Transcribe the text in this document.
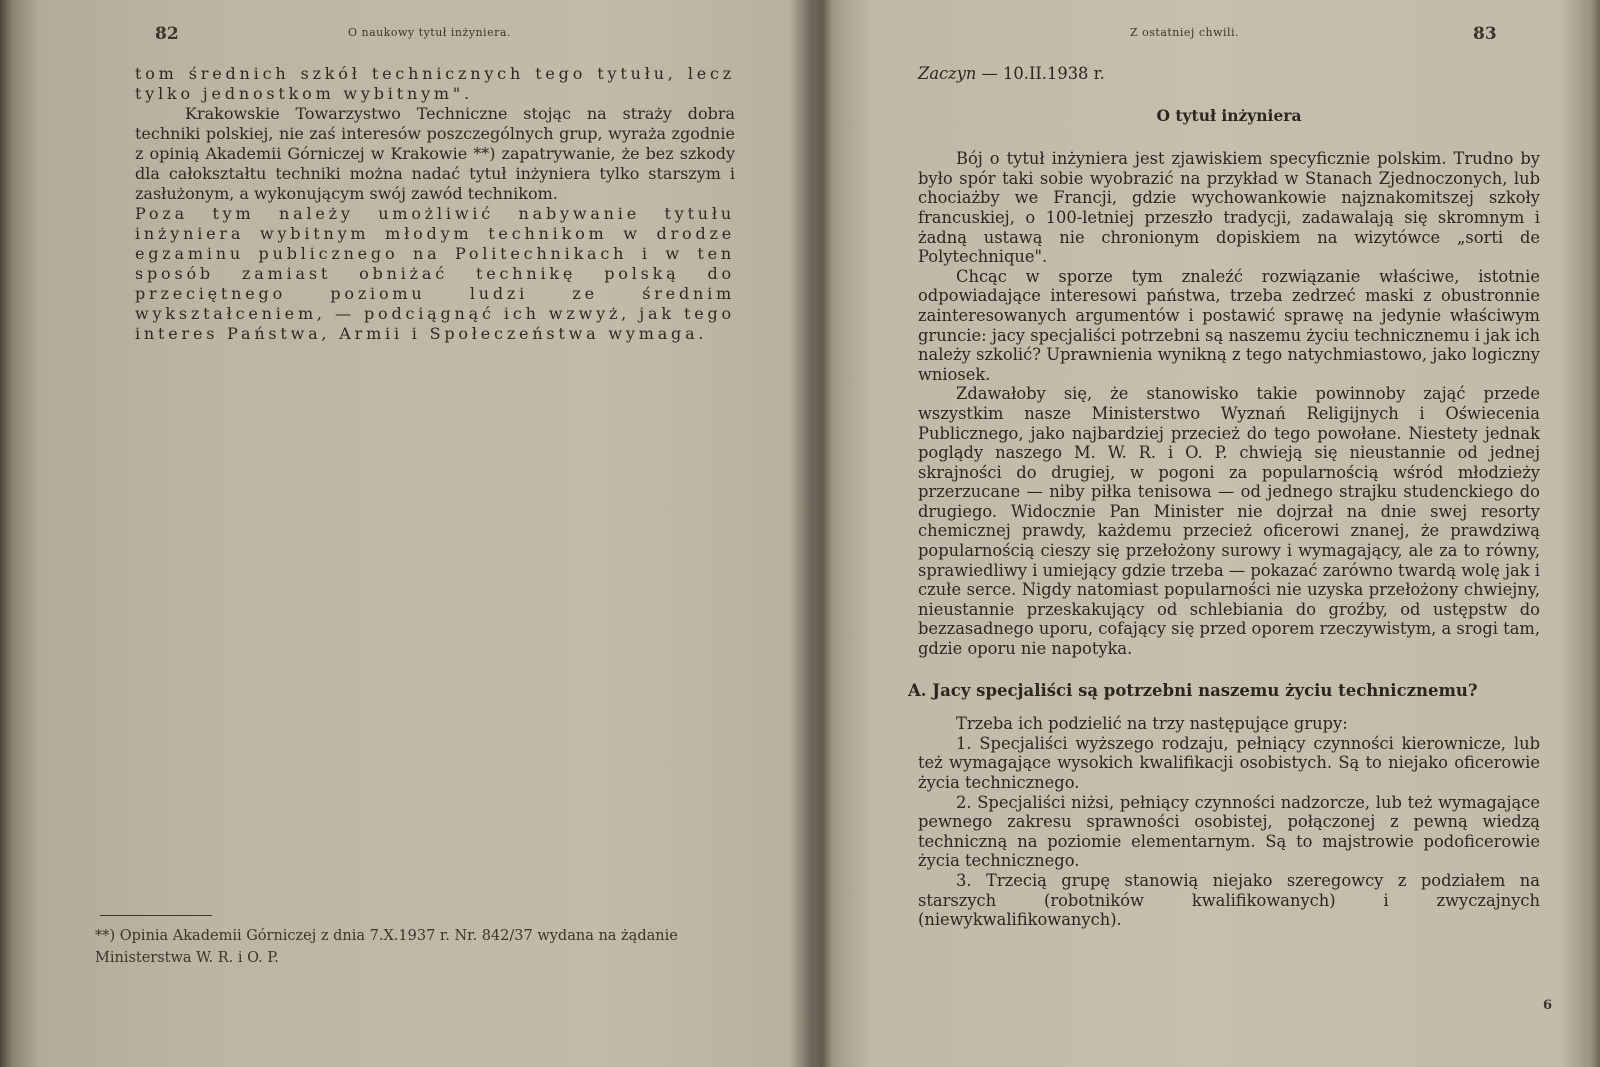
82	O naukowy tytuł inżyniera.

tom średnich szkół technicznych tego tytułu, lecz tylko jednostkom wybitnym".

Krakowskie Towarzystwo Techniczne stojąc na straży dobra techniki polskiej, nie zaś interesów poszczególnych grup, wyraża zgodnie z opinią Akademii Górniczej w Krakowie **) zapatrywanie, że bez szkody dla całokształtu techniki można nadać tytuł inżyniera tylko starszym i zasłużonym, a wykonującym swój zawód technikom.

Poza tym należy umożliwić nabywanie tytułu inżyniera wybitnym młodym technikom w drodze egzaminu publicznego na Politechnikach i w ten sposób zamiast obniżać technikę polską do przeciętnego poziomu ludzi ze średnim wykształceniem, — podciągnąć ich wzwyż, jak tego interes Państwa, Armii i Społeczeństwa wymaga.

**) Opinia Akademii Górniczej z dnia 7.X.1937 r. Nr. 842/37 wydana na żądanie Ministerstwa W. R. i O. P.

Z ostatniej chwili.	83

Zaczyn — 10.II.1938 r.

O tytuł inżyniera

Bój o tytuł inżyniera jest zjawiskiem specyficznie polskim. Trudno by było spór taki sobie wyobrazić na przykład w Stanach Zjednoczonych, lub chociażby we Francji, gdzie wychowankowie najznakomitszej szkoły francuskiej, o 100-letniej przeszło tradycji, zadawalają się skromnym i żadną ustawą nie chronionym dopiskiem na wizytówce „sorti de Polytechnique".

Chcąc w sporze tym znaleźć rozwiązanie właściwe, istotnie odpowiadające interesowi państwa, trzeba zedrzeć maski z obustronnie zainteresowanych argumentów i postawić sprawę na jedynie właściwym gruncie: jacy specjaliści potrzebni są naszemu życiu technicznemu i jak ich należy szkolić? Uprawnienia wynikną z tego natychmiastowo, jako logiczny wniosek.

Zdawałoby się, że stanowisko takie powinnoby zająć przede wszystkim nasze Ministerstwo Wyznań Religijnych i Oświecenia Publicznego, jako najbardziej przecież do tego powołane. Niestety jednak poglądy naszego M. W. R. i O. P. chwieją się nieustannie od jednej skrajności do drugiej, w pogoni za popularnością wśród młodzieży przerzucane — niby piłka tenisowa — od jednego strajku studenckiego do drugiego. Widocznie Pan Minister nie dojrzał na dnie swej resorty chemicznej prawdy, każdemu przecież oficerowi znanej, że prawdziwą popularnością cieszy się przełożony surowy i wymagający, ale za to równy, sprawiedliwy i umiejący gdzie trzeba — pokazać zarówno twardą wolę jak i czułe serce. Nigdy natomiast popularności nie uzyska przełożony chwiejny, nieustannie przeskakujący od schlebiania do groźby, od ustępstw do bezzasadnego uporu, cofający się przed oporem rzeczywistym, a srogi tam, gdzie oporu nie napotyka.

A. Jacy specjaliści są potrzebni naszemu życiu technicznemu?

Trzeba ich podzielić na trzy następujące grupy:

1. Specjaliści wyższego rodzaju, pełniący czynności kierownicze, lub też wymagające wysokich kwalifikacji osobistych. Są to niejako oficerowie życia technicznego.

2. Specjaliści niżsi, pełniący czynności nadzorcze, lub też wymagające pewnego zakresu sprawności osobistej, połączonej z pewną wiedzą techniczną na poziomie elementarnym. Są to majstrowie podoficerowie życia technicznego.

3. Trzecią grupę stanowią niejako szeregowcy z podziałem na starszych (robotników kwalifikowanych) i zwyczajnych (niewykwalifikowanych).

6
